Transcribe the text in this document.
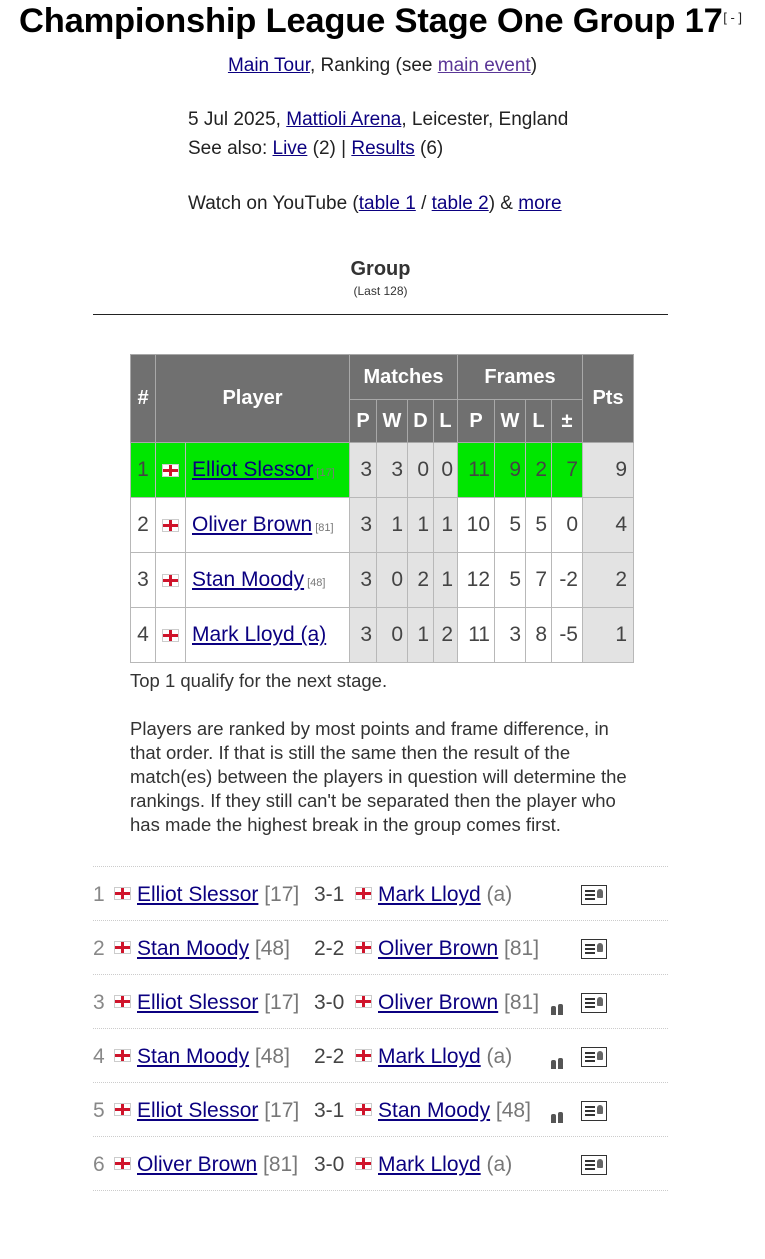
Championship League Stage One Group 17 [ - ]
Main Tour, Ranking (see main event)
5 Jul 2025, Mattioli Arena, Leicester, England
See also: Live (2) | Results (6)
Watch on YouTube (table 1 / table 2) & more
Group
(Last 128)
#	Player		Matches				Frames				Pts
			P	W	D	L	P	W	L	±	
1		Elliot Slessor [17]	3	3	0	0	11	9	2	7	9
2		Oliver Brown [81]	3	1	1	1	10	5	5	0	4
3		Stan Moody [48]	3	0	2	1	12	5	7	-2	2
4		Mark Lloyd (a)	3	0	1	2	11	3	8	-5	1
Top 1 qualify for the next stage.
Players are ranked by most points and frame difference, in that order. If that is still the same then the result of the match(es) between the players in question will determine the rankings. If they still can't be separated then the player who has made the highest break in the group comes first.
1	Elliot Slessor [17] 3-1	Mark Lloyd (a)
2	Stan Moody [48] 2-2	Oliver Brown [81]
3	Elliot Slessor [17] 3-0	Oliver Brown [81]
4	Stan Moody [48] 2-2	Mark Lloyd (a)
5	Elliot Slessor [17] 3-1	Stan Moody [48]
6	Oliver Brown [81] 3-0	Mark Lloyd (a)
